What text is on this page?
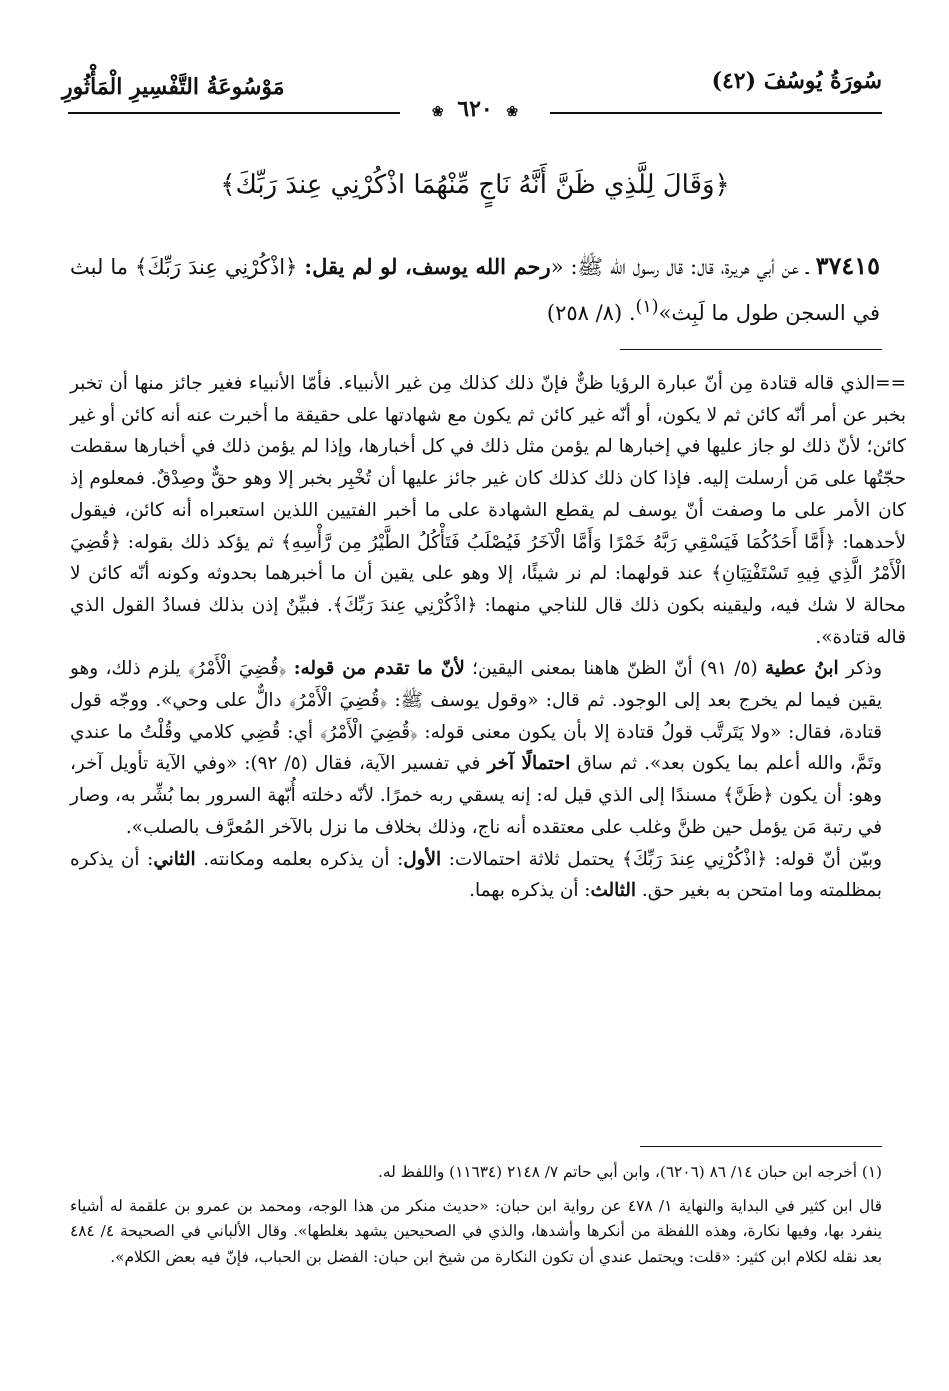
سُورَةُ يُوسُفَ (٤٢)
مَوْسُوعَةُ التَّفْسِيرِ الْمَأْثُورِ
❀ ٦٢٠ ❀
﴿وَقَالَ لِلَّذِي ظَنَّ أَنَّهُ نَاجٍ مِّنْهُمَا اذْكُرْنِي عِندَ رَبِّكَ﴾
٣٧٤١٥ ـ عن أبي هريرة، قال: قال رسول الله ﷺ: «رحم الله يوسف، لو لم يقل: ﴿اذْكُرْنِي عِندَ رَبِّكَ﴾ ما لبث في السجن طول ما لَبِث»$^{(١)}$. (٨/ ٢٥٨)

==الذي قاله قتادة مِن أنّ عبارة الرؤيا ظنٌّ فإنّ ذلك كذلك مِن غير الأنبياء. فأمّا الأنبياء فغير جائز منها أن تخبر بخبر عن أمر أنّه كائن ثم لا يكون، أو أنّه غير كائن ثم يكون مع شهادتها على حقيقة ما أخبرت عنه أنه كائن أو غير كائن؛ لأنّ ذلك لو جاز عليها في إخبارها لم يؤمن مثل ذلك في كل أخبارها، وإذا لم يؤمن ذلك في أخبارها سقطت حجّتُها على مَن أرسلت إليه. فإذا كان ذلك كذلك كان غير جائز عليها أن تُخْبِر بخبر إلا وهو حقٌّ وصِدْقٌ. فمعلوم إذ كان الأمر على ما وصفت أنّ يوسف لم يقطع الشهادة على ما أخبر الفتيين اللذين استعبراه أنه كائن، فيقول لأحدهما: ﴿أَمَّا أَحَدُكُمَا فَيَسْقِي رَبَّهُ خَمْرًا وَأَمَّا الْآخَرُ فَيُصْلَبُ فَتَأْكُلُ الطَّيْرُ مِن رَّأْسِهِ﴾ ثم يؤكد ذلك بقوله: ﴿قُضِيَ الْأَمْرُ الَّذِي فِيهِ تَسْتَفْتِيَانِ﴾ عند قولهما: لم نر شيئًا، إلا وهو على يقين أن ما أخبرهما بحدوثه وكونه أنّه كائن لا محالة لا شك فيه، وليقينه بكون ذلك قال للناجي منهما: ﴿اذْكُرْنِي عِندَ رَبِّكَ﴾. فبيِّنٌ إذن بذلك فسادُ القول الذي قاله قتادة».

وذكر ابنُ عطية (٥/ ٩١) أنّ الظنّ هاهنا بمعنى اليقين؛ لأنّ ما تقدم من قوله: ﴿قُضِيَ الْأَمْرُ﴾ يلزم ذلك، وهو يقين فيما لم يخرج بعد إلى الوجود. ثم قال: «وقول يوسف ﷺ: ﴿قُضِيَ الْأَمْرُ﴾ دالٌّ على وحي». ووجّه قول قتادة، فقال: «ولا يَتَرتَّب قولُ قتادة إلا بأن يكون معنى قوله: ﴿قُضِيَ الْأَمْرُ﴾ أي: قُضِي كلامي وقُلْتُ ما عندي وتَمَّ، والله أعلم بما يكون بعد». ثم ساق احتمالًا آخر في تفسير الآية، فقال (٥/ ٩٢): «وفي الآية تأويل آخر، وهو: أن يكون ﴿ظَنَّ﴾ مسندًا إلى الذي قيل له: إنه يسقي ربه خمرًا. لأنّه دخلته أُبّهة السرور بما بُشِّر به، وصار في رتبة مَن يؤمل حين ظنَّ وغلب على معتقده أنه ناج، وذلك بخلاف ما نزل بالآخر المُعرَّف بالصلب».

وبيّن أنّ قوله: ﴿اذْكُرْنِي عِندَ رَبِّكَ﴾ يحتمل ثلاثة احتمالات: الأول: أن يذكره بعلمه ومكانته. الثاني: أن يذكره بمظلمته وما امتحن به بغير حق. الثالث: أن يذكره بهما.

(١) أخرجه ابن حبان ١٤/ ٨٦ (٦٢٠٦)، وابن أبي حاتم ٧/ ٢١٤٨ (١١٦٣٤) واللفظ له.

قال ابن كثير في البداية والنهاية ١/ ٤٧٨ عن رواية ابن حبان: «حديث منكر من هذا الوجه، ومحمد بن عمرو بن علقمة له أشياء ينفرد بها، وفيها نكارة، وهذه اللفظة من أنكرها وأشدها، والذي في الصحيحين يشهد بغلطها». وقال الألباني في الصحيحة ٤/ ٤٨٤ بعد نقله لكلام ابن كثير: «قلت: ويحتمل عندي أن تكون النكارة من شيخ ابن حبان: الفضل بن الحباب، فإنّ فيه بعض الكلام».
